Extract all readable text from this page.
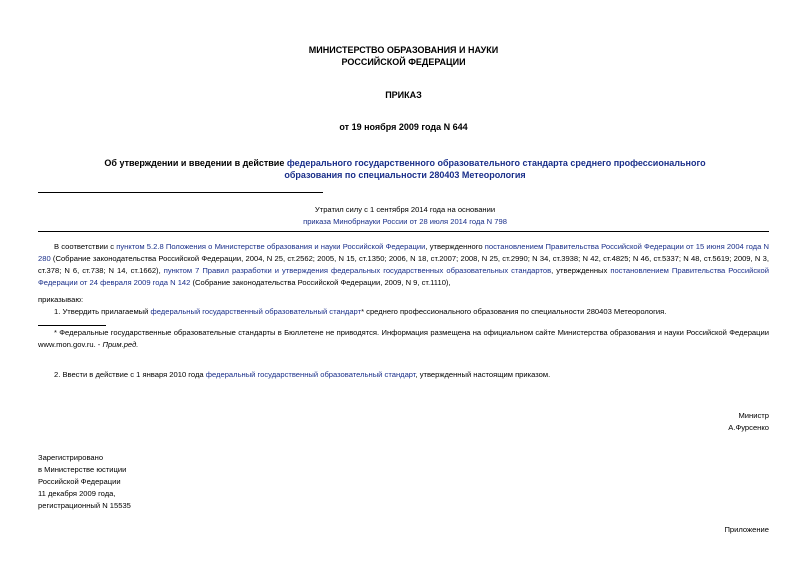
МИНИСТЕРСТВО ОБРАЗОВАНИЯ И НАУКИ
РОССИЙСКОЙ ФЕДЕРАЦИИ
ПРИКАЗ
от 19 ноября 2009 года N 644
Об утверждении и введении в действие федерального государственного образовательного стандарта среднего профессионального образования по специальности 280403 Метеорология
Утратил силу с 1 сентября 2014 года на основании
приказа Минобрнауки России от 28 июля 2014 года N 798

В соответствии с пунктом 5.2.8 Положения о Министерстве образования и науки Российской Федерации, утвержденного постановлением Правительства Российской Федерации от 15 июня 2004 года N 280 (Собрание законодательства Российской Федерации, 2004, N 25, ст.2562; 2005, N 15, ст.1350; 2006, N 18, ст.2007; 2008, N 25, ст.2990; N 34, ст.3938; N 42, ст.4825; N 46, ст.5337; N 48, ст.5619; 2009, N 3, ст.378; N 6, ст.738; N 14, ст.1662), пунктом 7 Правил разработки и утверждения федеральных государственных образовательных стандартов, утвержденных постановлением Правительства Российской Федерации от 24 февраля 2009 года N 142 (Собрание законодательства Российской Федерации, 2009, N 9, ст.1110),

приказываю:
1. Утвердить прилагаемый федеральный государственный образовательный стандарт* среднего профессионального образования по специальности 280403 Метеорология.

* Федеральные государственные образовательные стандарты в Бюллетене не приводятся. Информация размещена на официальном сайте Министерства образования и науки Российской Федерации www.mon.gov.ru. - Прим.ред.

2. Ввести в действие с 1 января 2010 года федеральный государственный образовательный стандарт, утвержденный настоящим приказом.
Министр
А.Фурсенко
Зарегистрировано
в Министерстве юстиции
Российской Федерации
11 декабря 2009 года,
регистрационный N 15535
Приложение
